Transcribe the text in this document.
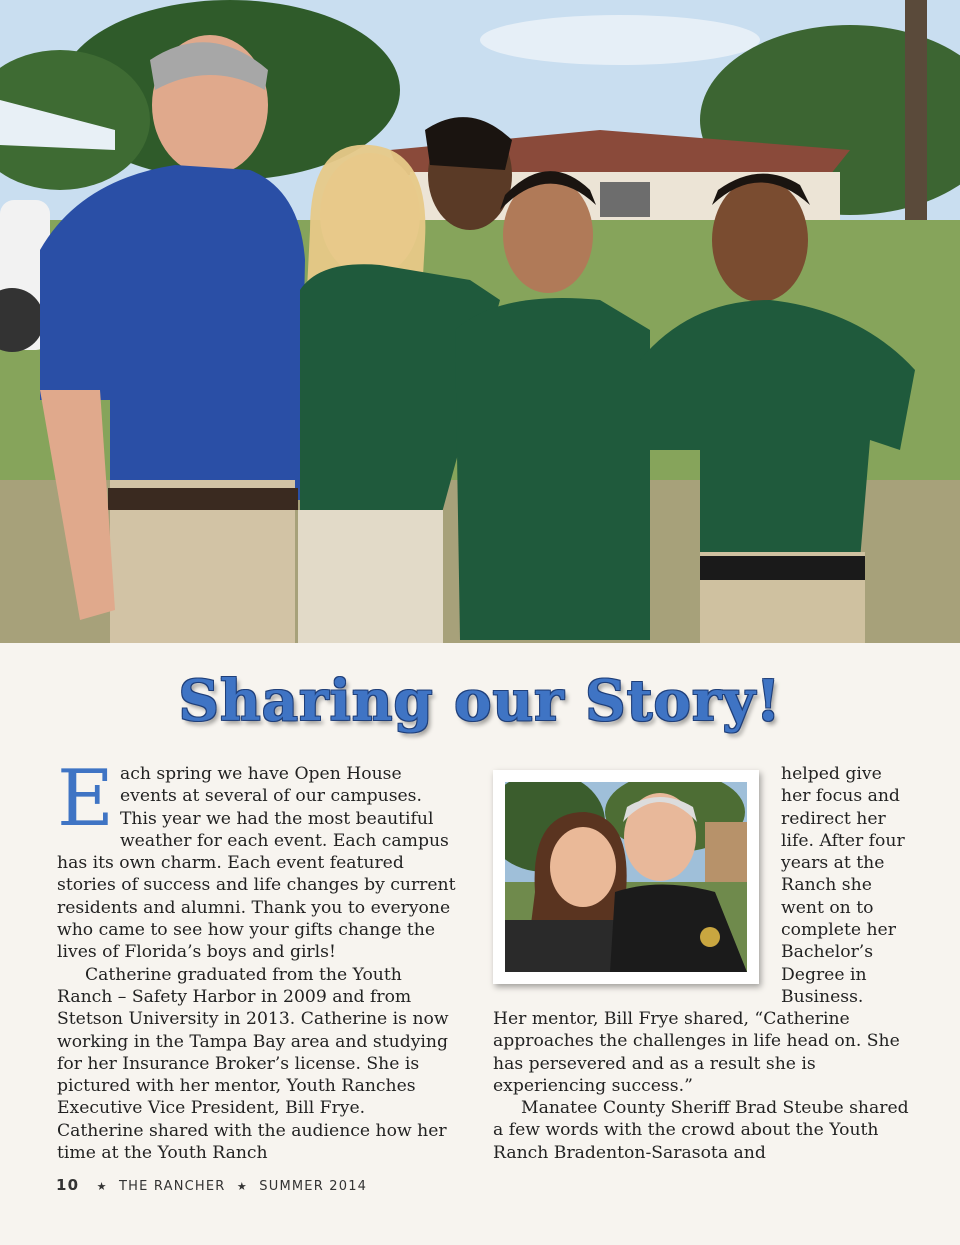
Sharing our Story!

Each spring we have Open House events at several of our campuses. This year we had the most beautiful weather for each event. Each campus has its own charm. Each event featured stories of success and life changes by current residents and alumni. Thank you to everyone who came to see how your gifts change the lives of Florida’s boys and girls!

Catherine graduated from the Youth Ranch – Safety Harbor in 2009 and from Stetson University in 2013. Catherine is now working in the Tampa Bay area and studying for her Insurance Broker’s license. She is pictured with her mentor, Youth Ranches Executive Vice President, Bill Frye. Catherine shared with the audience how her time at the Youth Ranch

helped give her focus and redirect her life. After four years at the Ranch she went on to complete her Bachelor’s Degree in Business.

Her mentor, Bill Frye shared, “Catherine approaches the challenges in life head on. She has persevered and as a result she is experiencing success.”

Manatee County Sheriff Brad Steube shared a few words with the crowd about the Youth Ranch Bradenton-Sarasota and

10 ★ THE RANCHER ★ SUMMER 2014
